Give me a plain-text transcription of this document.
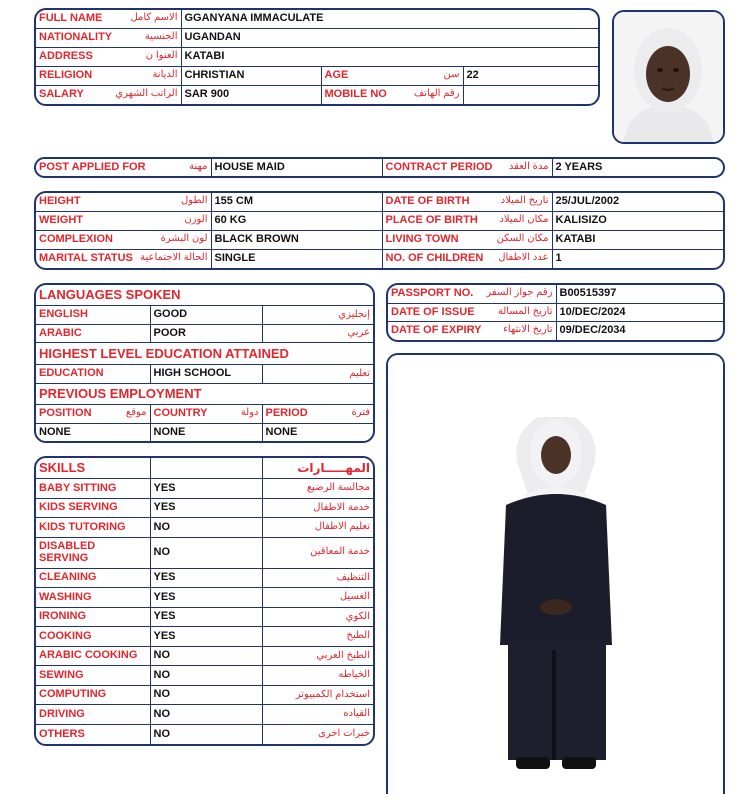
FULL NAME الاسم كامل	GGANYANA IMMACULATE		

NATIONALITY الجنسية	UGANDAN		

ADDRESS العنوا ن	KATABI		

RELIGION الديانة	CHRISTIAN	AGE سن	22

SALARY الراتب الشهري	SAR 900	MOBILE NO رقم الهاتف	

POST APPLIED FOR	مهنة	HOUSE MAID	CONTRACT PERIOD مدة العقد	2 YEARS
HEIGHT الطول	155 CM	DATE OF BIRTH تاريخ الميلاد	25/JUL/2002

WEIGHT الوزن	60 KG	PLACE OF BIRTH مكان الميلاد	KALISIZO

COMPLEXION لون البشرة	BLACK BROWN	LIVING TOWN مكان السكن	KATABI

MARITAL STATUS الحالة الاجتماعية	SINGLE	NO. OF CHILDREN عدد الاطفال	1
LANGUAGES SPOKEN		
ENGLISH	GOOD	إنجليزي
ARABIC	POOR	عربي
HIGHEST LEVEL EDUCATION ATTAINED		
EDUCATION	HIGH SCHOOL	تعليم
PREVIOUS EMPLOYMENT		

POSITION موقع	COUNTRY دولة	PERIOD فترة

NONE	NONE	NONE
PASSPORT NO. رقم جواز السفر	B00515397

DATE OF ISSUE تاريخ المسالة	10/DEC/2024

DATE OF EXPIRY تاريخ الانتهاء	09/DEC/2034
SKILLS		المهـــــارات
BABY SITTING	YES	مجالسة الرضيع
KIDS SERVING	YES	خدمة الاطفال
KIDS TUTORING	NO	تعليم الاطفال
DISABLED SERVING	NO	خدمة المعاقين
CLEANING	YES	التنظيف
WASHING	YES	الغسيل
IRONING	YES	الكوي
COOKING	YES	الطبخ
ARABIC COOKING	NO	الطبخ العربي
SEWING	NO	الخياطه
COMPUTING	NO	استخدام الكمبيوتر
DRIVING	NO	القياده
OTHERS	NO	خبرات اخرى
